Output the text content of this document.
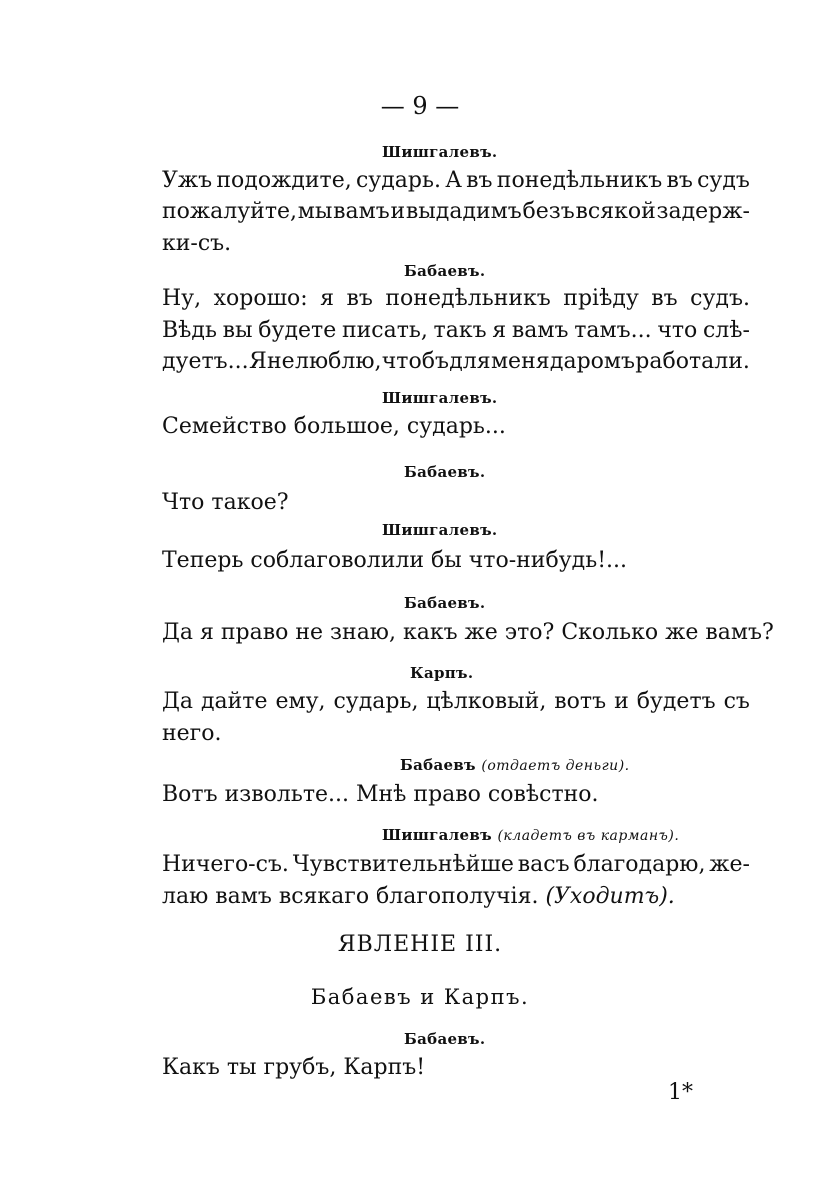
— 9 —
Шишгалевъ.
Ужъ подождите, сударь. А въ понедѣльникъ въ судъ
пожалуйте, мы вамъ и выдадимъ безъ всякой задерж-
ки-съ.
Бабаевъ.
Ну, хорошо: я въ понедѣльникъ пріѣду въ судъ.
Вѣдь вы будете писать, такъ я вамъ тамъ... что слѣ-
дуетъ... Я не люблю, чтобъ для меня даромъ работали.
Шишгалевъ.
Семейство большое, сударь...
Бабаевъ.
Что такое?
Шишгалевъ.
Теперь соблаговолили бы что-нибудь!...
Бабаевъ.
Да я право не знаю, какъ же это? Сколько же вамъ?
Карпъ.
Да дайте ему, сударь, цѣлковый, вотъ и будетъ съ
него.
Бабаевъ (отдаетъ деньги).
Вотъ извольте... Мнѣ право совѣстно.
Шишгалевъ (кладетъ въ карманъ).
Ничего-съ. Чувствительнѣйше васъ благодарю, же-
лаю вамъ всякаго благополучія. (Уходитъ).
ЯВЛЕНІЕ III.
Бабаевъ и Карпъ.
Бабаевъ.
Какъ ты грубъ, Карпъ!
1*
